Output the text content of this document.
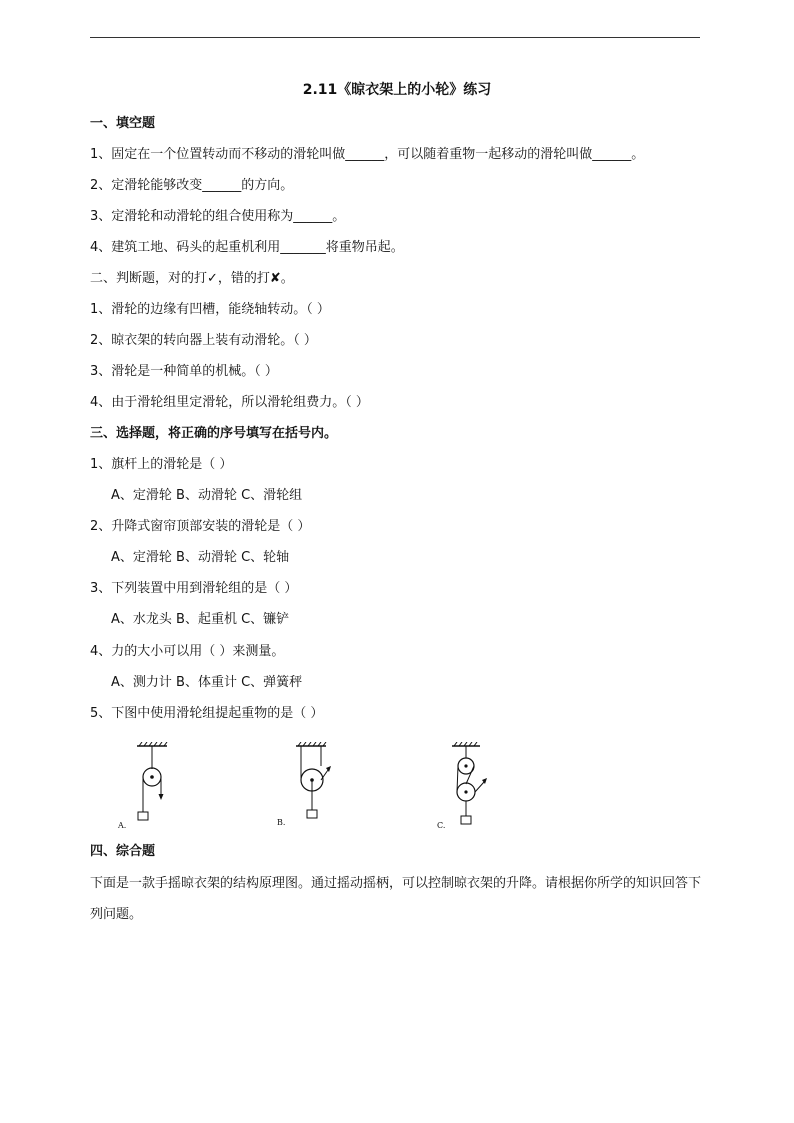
2.11《晾衣架上的小轮》练习
一、填空题
1、固定在一个位置转动而不移动的滑轮叫做______，可以随着重物一起移动的滑轮叫做______。
2、定滑轮能够改变______的方向。
3、定滑轮和动滑轮的组合使用称为______。
4、建筑工地、码头的起重机利用_______将重物吊起。
二、判断题，对的打✓，错的打✘。
1、滑轮的边缘有凹槽，能绕轴转动。（ ）
2、晾衣架的转向器上装有动滑轮。（ ）
3、滑轮是一种简单的机械。（ ）
4、由于滑轮组里定滑轮，所以滑轮组费力。（ ）
三、选择题，将正确的序号填写在括号内。
1、旗杆上的滑轮是（ ）
A、定滑轮 B、动滑轮 C、滑轮组
2、升降式窗帘顶部安装的滑轮是（ ）
A、定滑轮 B、动滑轮 C、轮轴
3、下列装置中用到滑轮组的是（ ）
A、水龙头 B、起重机 C、镰铲
4、力的大小可以用（ ）来测量。
A、测力计 B、体重计 C、弹簧秤
5、下图中使用滑轮组提起重物的是（ ）
A.	B.	C.
四、综合题
下面是一款手摇晾衣架的结构原理图。通过摇动摇柄，可以控制晾衣架的升降。请根据你所学的知识回答下列问题。
